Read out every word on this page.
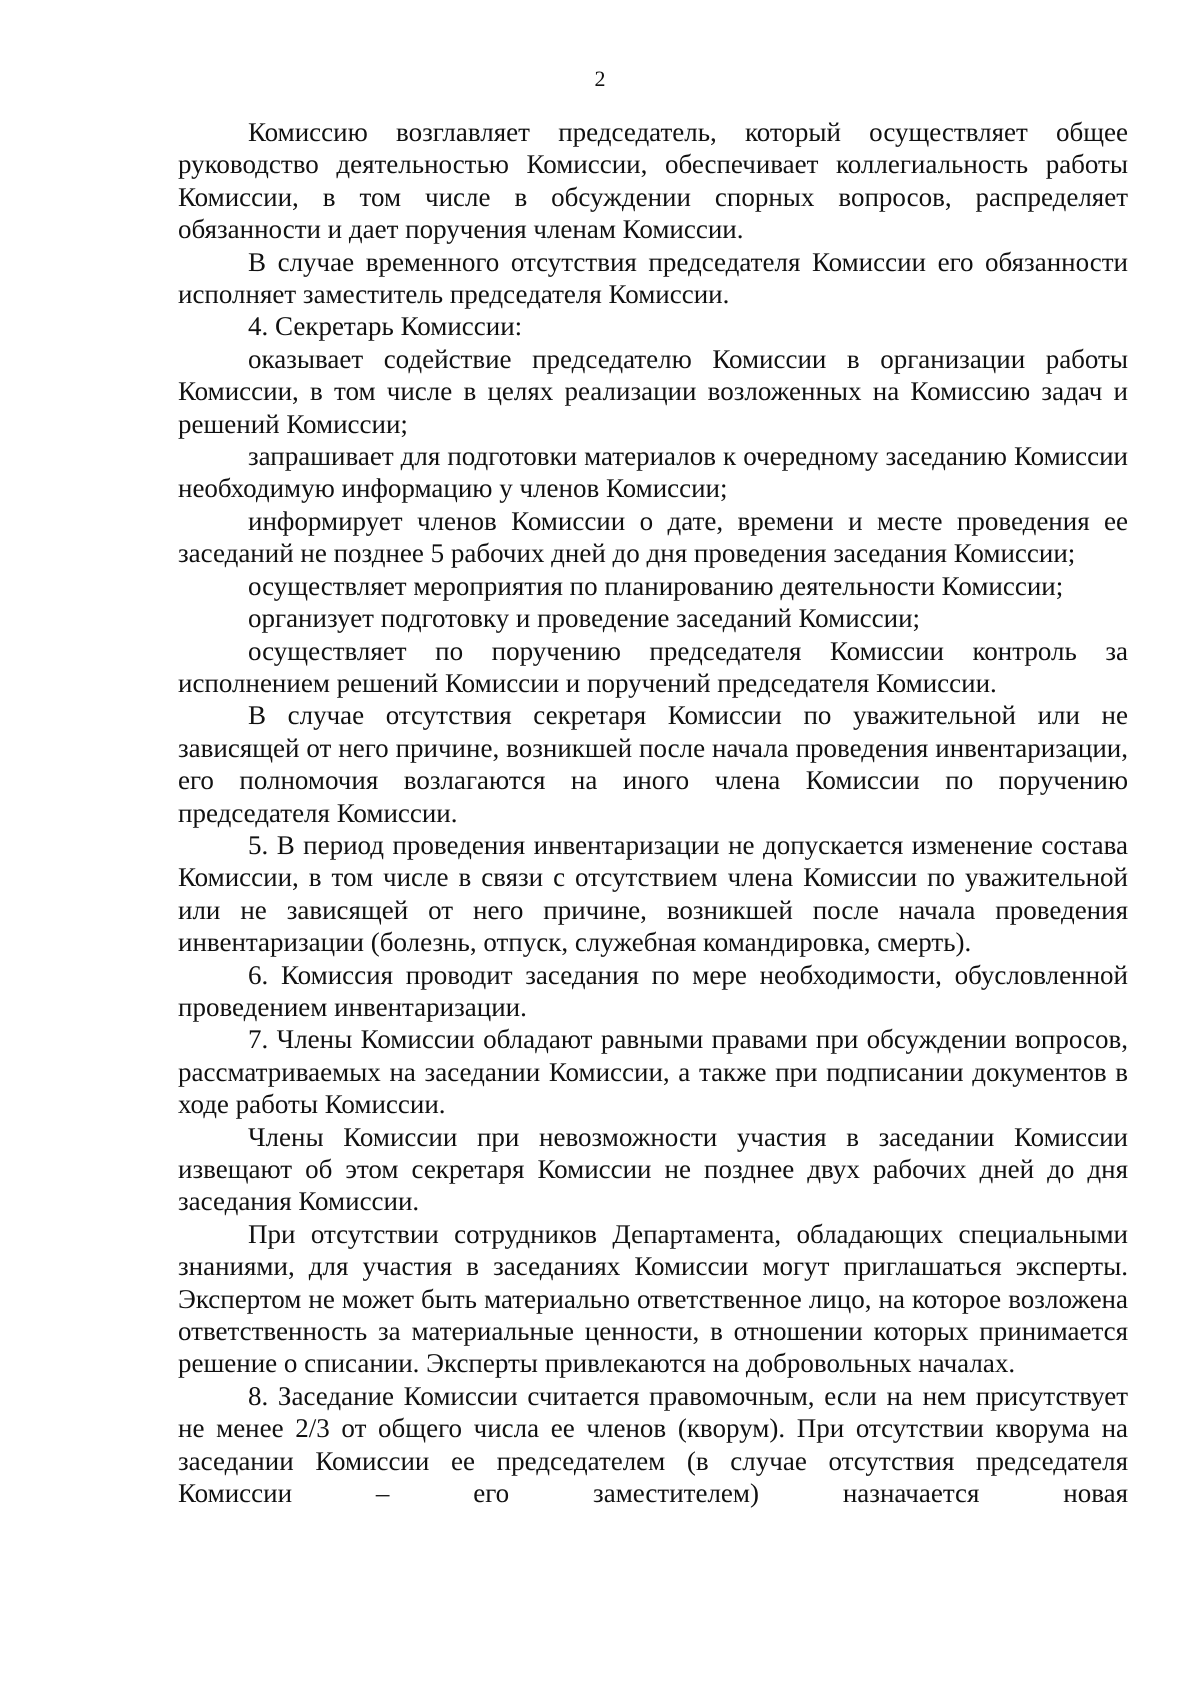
2

Комиссию возглавляет председатель, который осуществляет общее руководство деятельностью Комиссии, обеспечивает коллегиальность работы Комиссии, в том числе в обсуждении спорных вопросов, распределяет обязанности и дает поручения членам Комиссии.

В случае временного отсутствия председателя Комиссии его обязанности исполняет заместитель председателя Комиссии.

4. Секретарь Комиссии:

оказывает содействие председателю Комиссии в организации работы Комиссии, в том числе в целях реализации возложенных на Комиссию задач и решений Комиссии;

запрашивает для подготовки материалов к очередному заседанию Комиссии необходимую информацию у членов Комиссии;

информирует членов Комиссии о дате, времени и месте проведения ее заседаний не позднее 5 рабочих дней до дня проведения заседания Комиссии;

осуществляет мероприятия по планированию деятельности Комиссии;

организует подготовку и проведение заседаний Комиссии;

осуществляет по поручению председателя Комиссии контроль за исполнением решений Комиссии и поручений председателя Комиссии.

В случае отсутствия секретаря Комиссии по уважительной или не зависящей от него причине, возникшей после начала проведения инвентаризации, его полномочия возлагаются на иного члена Комиссии по поручению председателя Комиссии.

5. В период проведения инвентаризации не допускается изменение состава Комиссии, в том числе в связи с отсутствием члена Комиссии по уважительной или не зависящей от него причине, возникшей после начала проведения инвентаризации (болезнь, отпуск, служебная командировка, смерть).

6. Комиссия проводит заседания по мере необходимости, обусловленной проведением инвентаризации.

7. Члены Комиссии обладают равными правами при обсуждении вопросов, рассматриваемых на заседании Комиссии, а также при подписании документов в ходе работы Комиссии.

Члены Комиссии при невозможности участия в заседании Комиссии извещают об этом секретаря Комиссии не позднее двух рабочих дней до дня заседания Комиссии.

При отсутствии сотрудников Департамента, обладающих специальными знаниями, для участия в заседаниях Комиссии могут приглашаться эксперты. Экспертом не может быть материально ответственное лицо, на которое возложена ответственность за материальные ценности, в отношении которых принимается решение о списании. Эксперты привлекаются на добровольных началах.

8. Заседание Комиссии считается правомочным, если на нем присутствует не менее 2/3 от общего числа ее членов (кворум). При отсутствии кворума на заседании Комиссии ее председателем (в случае отсутствия председателя Комиссии – его заместителем) назначается новая
